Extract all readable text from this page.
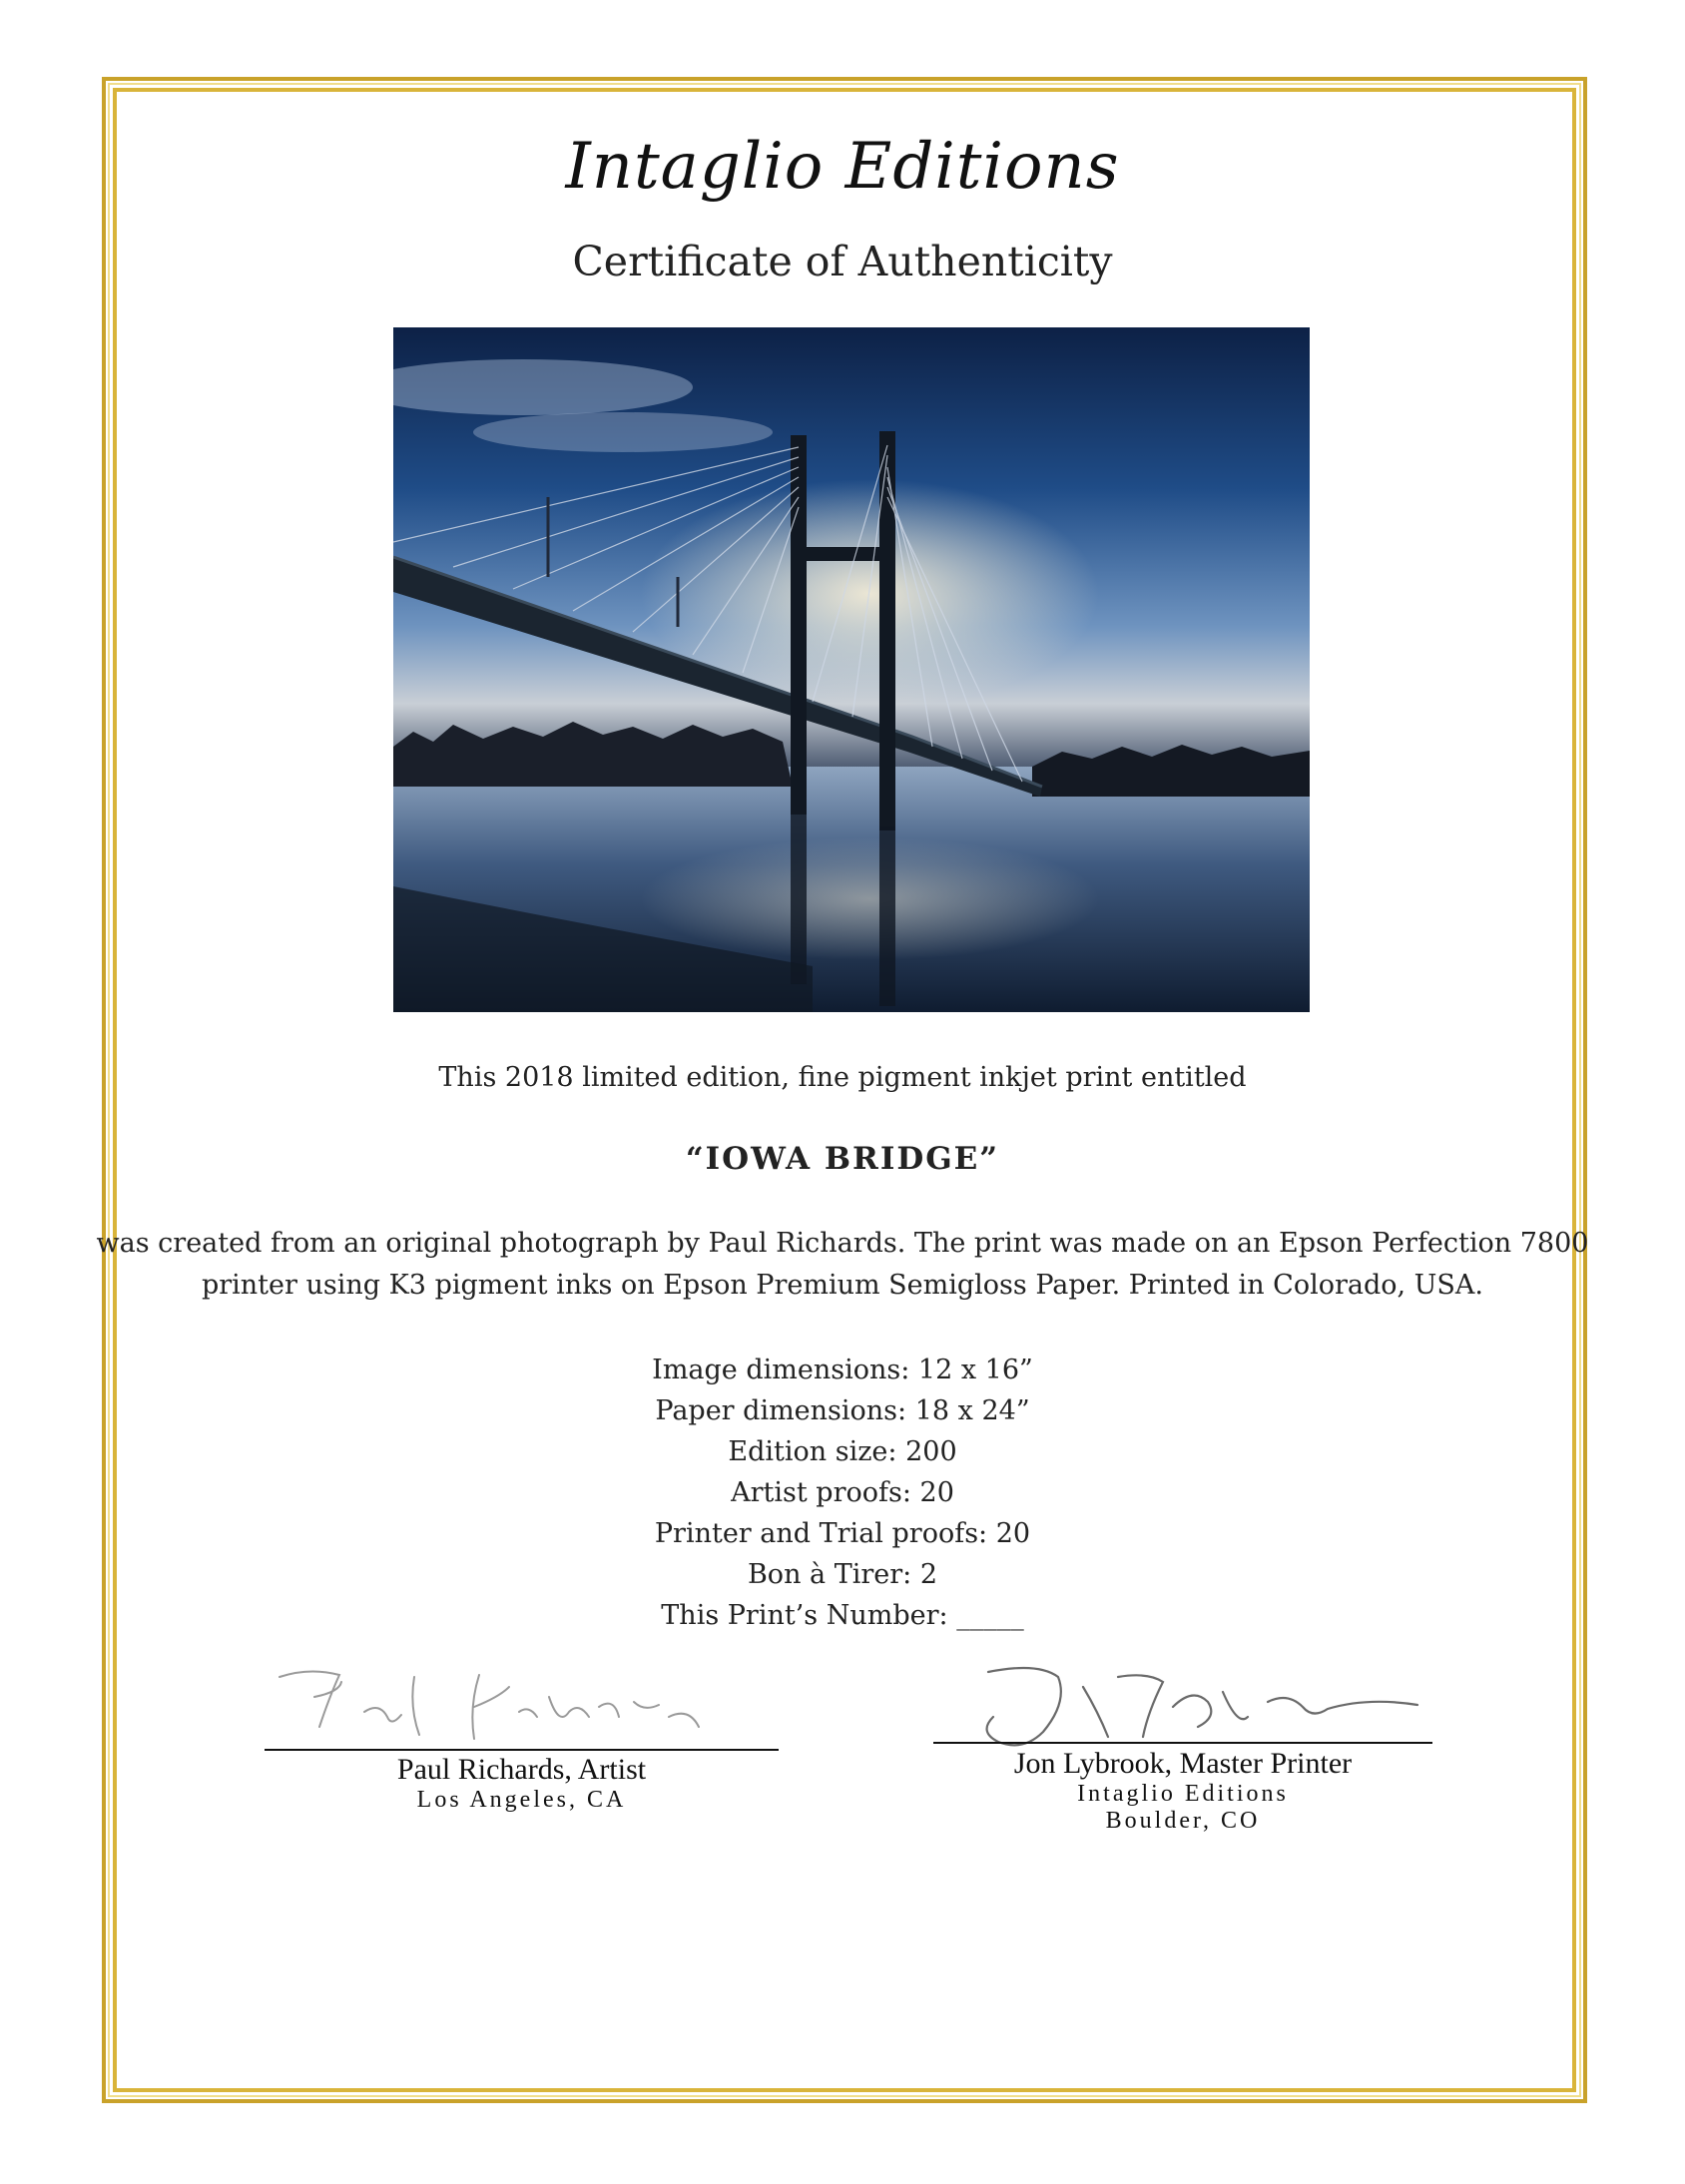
Intaglio Editions
Certificate of Authenticity
This 2018 limited edition, fine pigment inkjet print entitled
“IOWA BRIDGE”
was created from an original photograph by Paul Richards. The print was made on an Epson Perfection 7800
printer using K3 pigment inks on Epson Premium Semigloss Paper. Printed in Colorado, USA.
Image dimensions: 12 x 16”
Paper dimensions: 18 x 24”
Edition size: 200
Artist proofs: 20
Printer and Trial proofs: 20
Bon à Tirer: 2
This Print’s Number: _____
Paul Richards, Artist
Los Angeles, CA
Jon Lybrook, Master Printer
Intaglio Editions
Boulder, CO
